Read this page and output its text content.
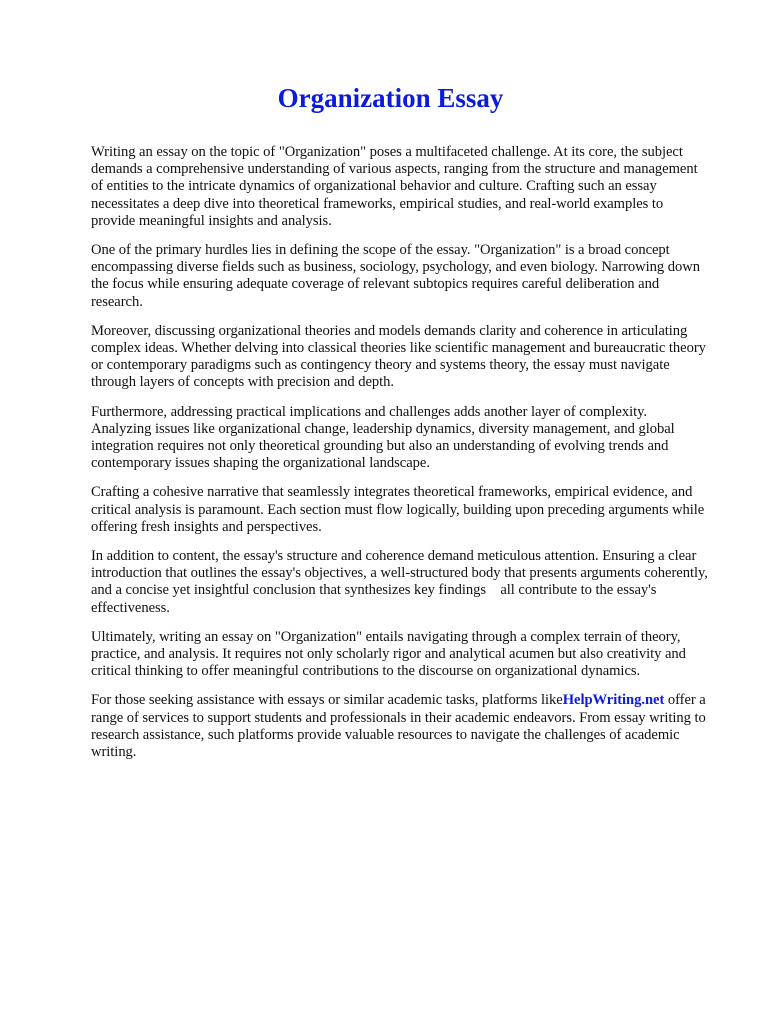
Organization Essay

Writing an essay on the topic of "Organization" poses a multifaceted challenge. At its core, the subject demands a comprehensive understanding of various aspects, ranging from the structure and management of entities to the intricate dynamics of organizational behavior and culture. Crafting such an essay necessitates a deep dive into theoretical frameworks, empirical studies, and real-world examples to provide meaningful insights and analysis.

One of the primary hurdles lies in defining the scope of the essay. "Organization" is a broad concept encompassing diverse fields such as business, sociology, psychology, and even biology. Narrowing down the focus while ensuring adequate coverage of relevant subtopics requires careful deliberation and research.

Moreover, discussing organizational theories and models demands clarity and coherence in articulating complex ideas. Whether delving into classical theories like scientific management and bureaucratic theory or contemporary paradigms such as contingency theory and systems theory, the essay must navigate through layers of concepts with precision and depth.

Furthermore, addressing practical implications and challenges adds another layer of complexity. Analyzing issues like organizational change, leadership dynamics, diversity management, and global integration requires not only theoretical grounding but also an understanding of evolving trends and contemporary issues shaping the organizational landscape.

Crafting a cohesive narrative that seamlessly integrates theoretical frameworks, empirical evidence, and critical analysis is paramount. Each section must flow logically, building upon preceding arguments while offering fresh insights and perspectives.

In addition to content, the essay's structure and coherence demand meticulous attention. Ensuring a clear introduction that outlines the essay's objectives, a well-structured body that presents arguments coherently, and a concise yet insightful conclusion that synthesizes key findings    all contribute to the essay's effectiveness.

Ultimately, writing an essay on "Organization" entails navigating through a complex terrain of theory, practice, and analysis. It requires not only scholarly rigor and analytical acumen but also creativity and critical thinking to offer meaningful contributions to the discourse on organizational dynamics.

For those seeking assistance with essays or similar academic tasks, platforms likeHelpWriting.net offer a range of services to support students and professionals in their academic endeavors. From essay writing to research assistance, such platforms provide valuable resources to navigate the challenges of academic writing.
